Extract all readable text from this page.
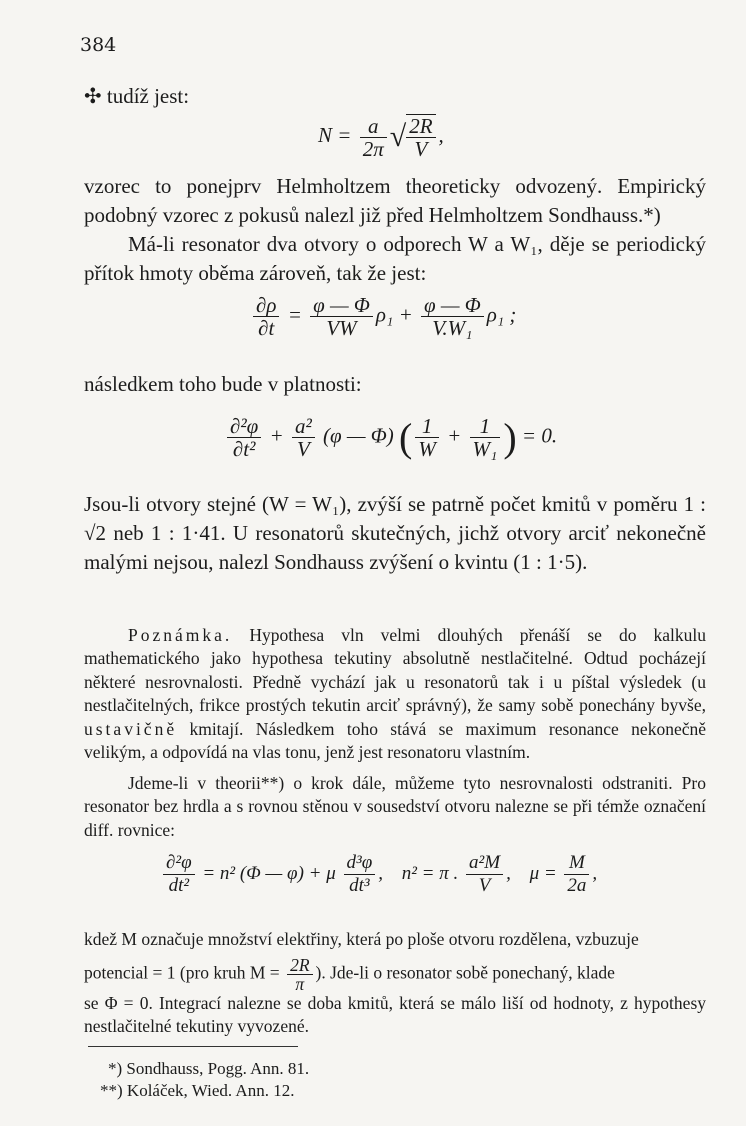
384
✣ tudíž jest:
$N = \frac{a}{2\pi}$ √ $\frac{2R}{V}$ ,
vzorec to ponejprv Helmholtzem theoreticky odvozený. Empirický podobný vzorec z pokusů nalezl již před Helmholtzem Sondhauss.*)
Má-li resonator dva otvory o odporech W a W₁, děje se periodický přítok hmoty oběma zároveň, tak že jest:
$\frac{\partial\rho}{\partial t} = \frac{\varphi — \Phi}{VW} \rho_1 + \frac{\varphi — \Phi}{\text{V.W₁}} \rho_1$ ;
následkem toho bude v platnosti:
$\frac{\text{∂²φ}}{\text{∂t²}} + \frac{\text{a²}}{V} (\varphi$ — Φ) ( $\frac{1}{W} + \frac{1}{\text{W₁}}$ ) = 0.
Jsou-li otvory stejné (W = W₁), zvýší se patrně počet kmitů v poměru 1 : √2 neb 1 : 1·41. U resonatorů skutečných, jichž otvory arciť nekonečně malými nejsou, nalezl Sondhauss zvýšení o kvintu (1 : 1·5).
Poznámka. Hypothesa vln velmi dlouhých přenáší se do kalkulu mathematického jako hypothesa tekutiny absolutně nestlačitelné. Odtud pocházejí některé nesrovnalosti. Předně vychází jak u resonatorů tak i u píštal výsledek (u nestlačitelných, frikce prostých tekutin arciť správný), že samy sobě ponechány byvše, ustavičně kmitají. Následkem toho stává se maximum resonance nekonečně velikým, a odpovídá na vlas tonu, jenž jest resonatoru vlastním.
Jdeme-li v theorii**) o krok dále, můžeme tyto nesrovnalosti odstraniti. Pro resonator bez hrdla a s rovnou stěnou v sousedství otvoru nalezne se při témže označení diff. rovnice:
$\frac{\text{∂²φ}}{\text{dt²}} = n^2$ (Φ — φ) + μ $\frac{\text{d³φ}}{\text{dt³}}$ , n² = π . $\frac{\text{a²M}}{V}$ , $\mu = \frac{M}{2a}$ ,
kdež M označuje množství elektřiny, která po ploše otvoru rozdělena, vzbuzuje
potencial = 1 (pro kruh $M = \frac{2R}{\pi}$ ). Jde-li o resonator sobě ponechaný, klade
se Φ = 0. Integrací nalezne se doba kmitů, která se málo liší od hodnoty, z hypothesy nestlačitelné tekutiny vyvozené.
*) Sondhauss, Pogg. Ann. 81.
**) Koláček, Wied. Ann. 12.
